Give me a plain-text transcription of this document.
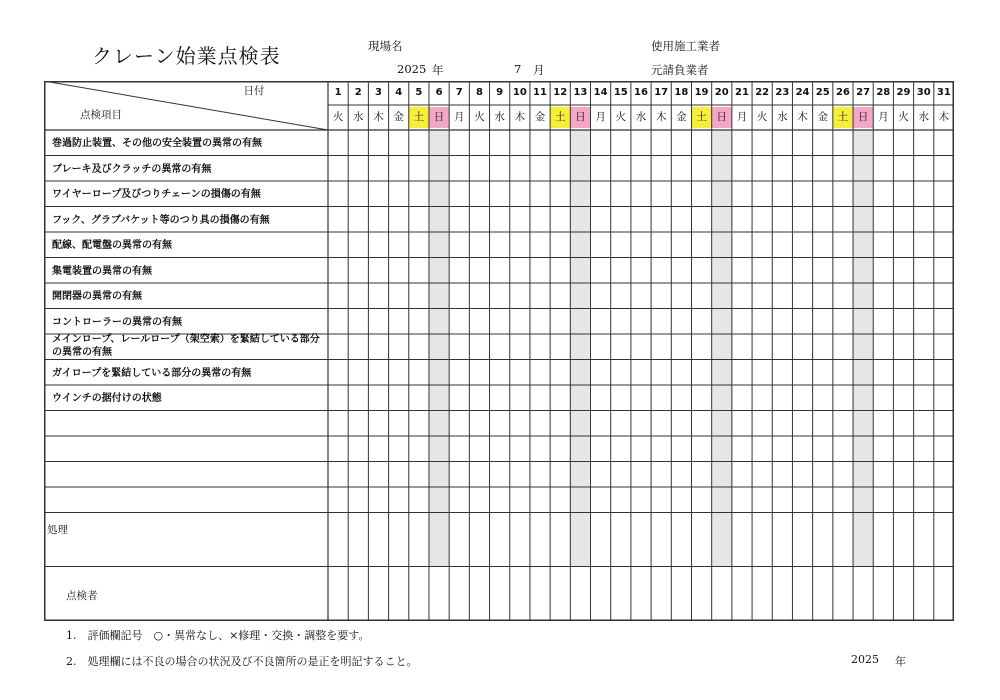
クレーン始業点検表	現場名
2025 年	7 月
使用施工業者
元請負業者
日付
点検項目
1	2	3	4	5	6	7	8	9 10 11 12 13 14 15 16 17 18 19 20 21 22 23 24 25 26 27 28 29 30 31
火 水 木 金 土 日 月 火 水 木 金 土 日 月 火 水 木 金 土 日 月 火 水 木 金 土 日 月 火 水 木
巻過防止装置、その他の安全装置の異常の有無
ブレーキ及びクラッチの異常の有無
ワイヤーロープ及びつりチェーンの損傷の有無
フック、グラブバケット等のつり具の損傷の有無
配線、配電盤の異常の有無
集電装置の異常の有無
開閉器の異常の有無
コントローラーの異常の有無
メインロープ、レールロープ（架空索）を緊結している部分の異常の有無
ガイロープを緊結している部分の異常の有無
ウインチの据付けの状態
処理
点検者
1.　評価欄記号　○・異常なし、×修理・交換・調整を要す。
2.　処理欄には不良の場合の状況及び不良箇所の是正を明記すること。	2025 年
